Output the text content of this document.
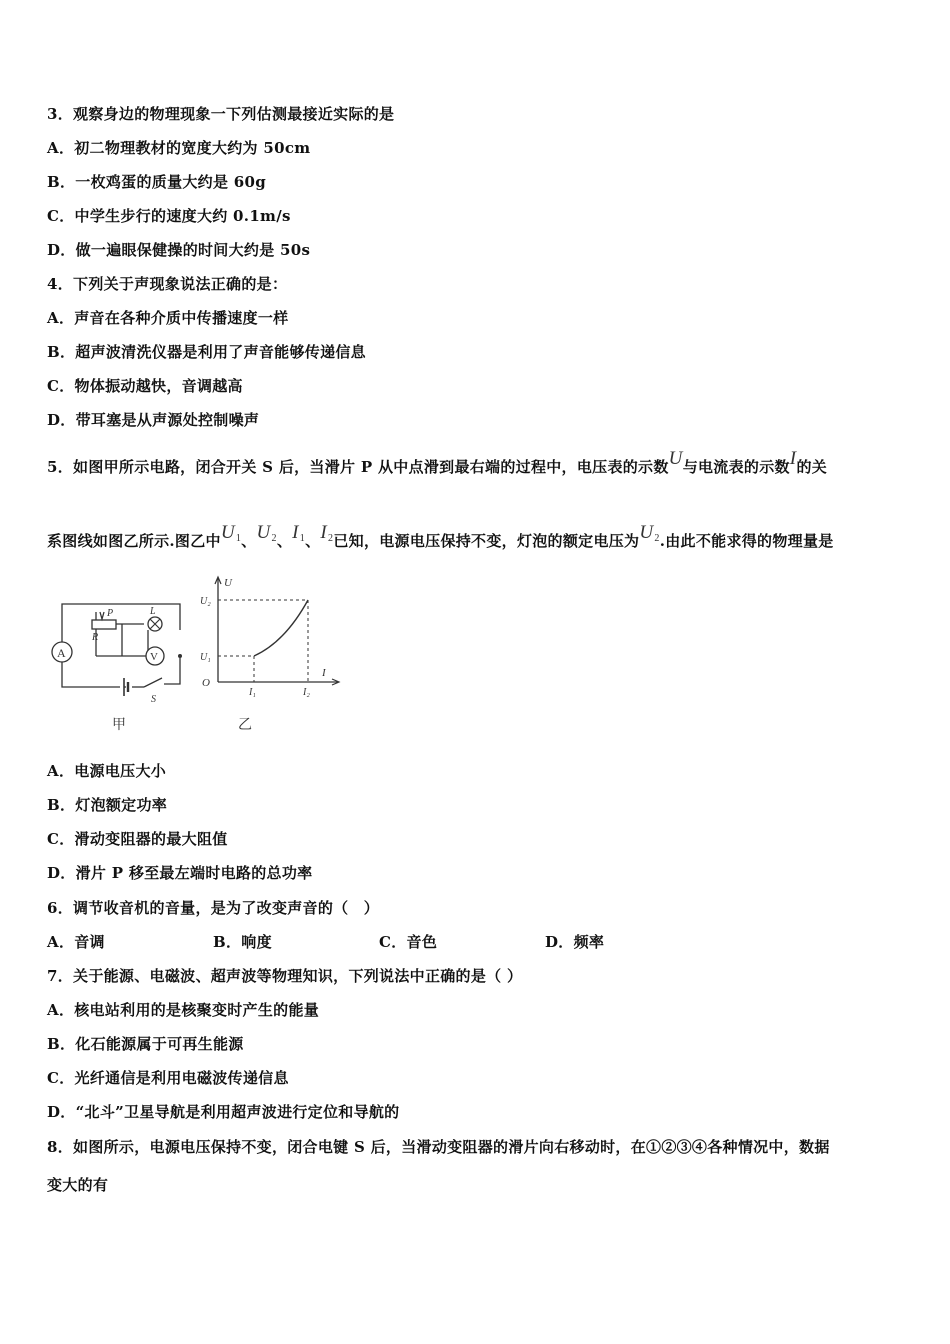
3．观察身边的物理现象一下列估测最接近实际的是
A．初二物理教材的宽度大约为 50cm
B．一枚鸡蛋的质量大约是 60g
C．中学生步行的速度大约 0.1m/s
D．做一遍眼保健操的时间大约是 50s
4．下列关于声现象说法正确的是：
A．声音在各种介质中传播速度一样
B．超声波清洗仪器是利用了声音能够传递信息
C．物体振动越快，音调越高
D．带耳塞是从声源处控制噪声
5．如图甲所示电路，闭合开关 S 后，当滑片 P 从中点滑到最右端的过程中，电压表的示数U与电流表的示数I的关
系图线如图乙所示.图乙中$U_1$、$U_2$、$I_1$、$I_2$已知，电源电压保持不变，灯泡的额定电压为$U_2$.由此不能求得的物理量是
A	V
P
R
L
S
U
I
O
U₂
U₁
I₁	I₂
甲	乙
A．电源电压大小
B．灯泡额定功率
C．滑动变阻器的最大阻值
D．滑片 P 移至最左端时电路的总功率
6．调节收音机的音量，是为了改变声音的（　）
A．音调	B．响度	C．音色	D．频率
7．关于能源、电磁波、超声波等物理知识，下列说法中正确的是（ ）
A．核电站利用的是核聚变时产生的能量
B．化石能源属于可再生能源
C．光纤通信是利用电磁波传递信息
D．“北斗”卫星导航是利用超声波进行定位和导航的
8．如图所示，电源电压保持不变，闭合电键 S 后，当滑动变阻器的滑片向右移动时，在①②③④各种情况中，数据
变大的有
